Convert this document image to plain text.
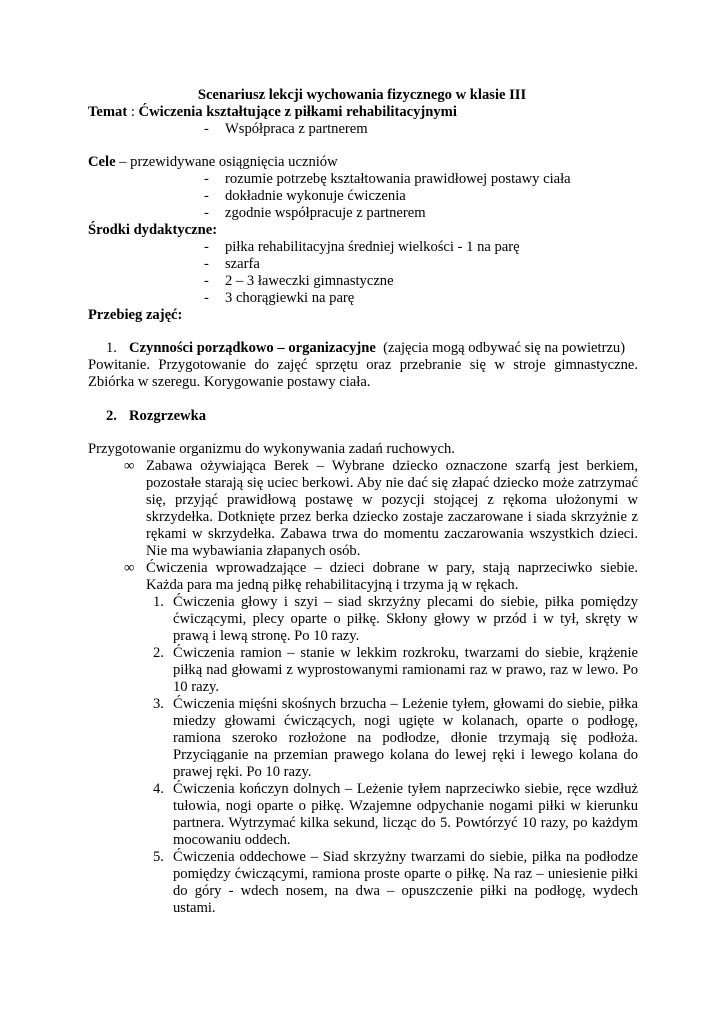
Scenariusz lekcji wychowania fizycznego w klasie III
Temat : Ćwiczenia kształtujące z piłkami rehabilitacyjnymi
- Współpraca z partnerem
Cele – przewidywane osiągnięcia uczniów
- rozumie potrzebę kształtowania prawidłowej postawy ciała
- dokładnie wykonuje ćwiczenia
- zgodnie współpracuje z partnerem
Środki dydaktyczne:
- piłka rehabilitacyjna średniej wielkości - 1 na parę
- szarfa
- 2 – 3 ławeczki gimnastyczne
- 3 chorągiewki na parę
Przebieg zajęć:
1. Czynności porządkowo – organizacyjne (zajęcia mogą odbywać się na powietrzu)
Powitanie. Przygotowanie do zajęć sprzętu oraz przebranie się w stroje gimnastyczne. Zbiórka w szeregu. Korygowanie postawy ciała.
2. Rozgrzewka
Przygotowanie organizmu do wykonywania zadań ruchowych.
∞ Zabawa ożywiająca Berek – Wybrane dziecko oznaczone szarfą jest berkiem, pozostałe starają się uciec berkowi. Aby nie dać się złapać dziecko może zatrzymać się, przyjąć prawidłową postawę w pozycji stojącej z rękoma ułożonymi w skrzydełka. Dotknięte przez berka dziecko zostaje zaczarowane i siada skrzyżnie z rękami w skrzydełka. Zabawa trwa do momentu zaczarowania wszystkich dzieci. Nie ma wybawiania złapanych osób.
∞ Ćwiczenia wprowadzające – dzieci dobrane w pary, stają naprzeciwko siebie. Każda para ma jedną piłkę rehabilitacyjną i trzyma ją w rękach.
1. Ćwiczenia głowy i szyi – siad skrzyżny plecami do siebie, piłka pomiędzy ćwiczącymi, plecy oparte o piłkę. Skłony głowy w przód i w tył, skręty w prawą i lewą stronę. Po 10 razy.
2. Ćwiczenia ramion – stanie w lekkim rozkroku, twarzami do siebie, krążenie piłką nad głowami z wyprostowanymi ramionami raz w prawo, raz w lewo. Po 10 razy.
3. Ćwiczenia mięśni skośnych brzucha – Leżenie tyłem, głowami do siebie, piłka miedzy głowami ćwiczących, nogi ugięte w kolanach, oparte o podłogę, ramiona szeroko rozłożone na podłodze, dłonie trzymają się podłoża. Przyciąganie na przemian prawego kolana do lewej ręki i lewego kolana do prawej ręki. Po 10 razy.
4. Ćwiczenia kończyn dolnych – Leżenie tyłem naprzeciwko siebie, ręce wzdłuż tułowia, nogi oparte o piłkę. Wzajemne odpychanie nogami piłki w kierunku partnera. Wytrzymać kilka sekund, licząc do 5. Powtórzyć 10 razy, po każdym mocowaniu oddech.
5. Ćwiczenia oddechowe – Siad skrzyżny twarzami do siebie, piłka na podłodze pomiędzy ćwiczącymi, ramiona proste oparte o piłkę. Na raz – uniesienie piłki do góry - wdech nosem, na dwa – opuszczenie piłki na podłogę, wydech ustami.
